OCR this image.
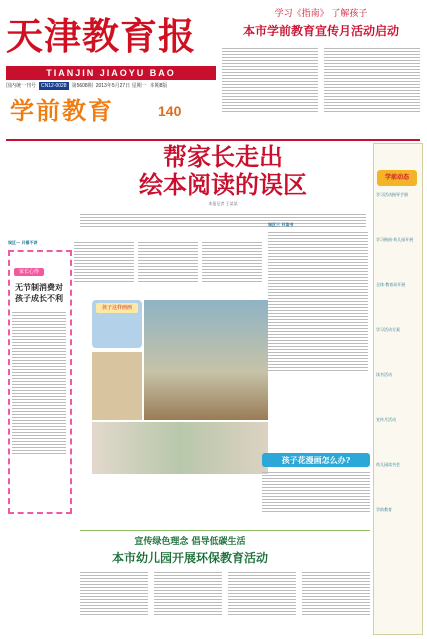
天津教育报
TIANJIN JIAOYU BAO
国内统一刊号	CN12-0028	第5608期 2013年5月27日 星期一 本期8版
学前教育	140
学习《指南》 了解孩子
本市学前教育宣传月活动启动
帮家长走出
绘本阅读的误区
本报记者 王某某
误区一 只看不讲
家长心得
无节制消费对
孩子成长不利
误区三 只读书
孩子这样画画
孩子花漫画怎么办?
宣传绿色理念 倡导低碳生活
本市幼儿园开展环保教育活动
学前动态
学习活动指导手册
学习指南·幼儿园开展
全体·教育局开展
学习活动方案
读书活动
宣传月活动
幼儿园读书会
学前教育
